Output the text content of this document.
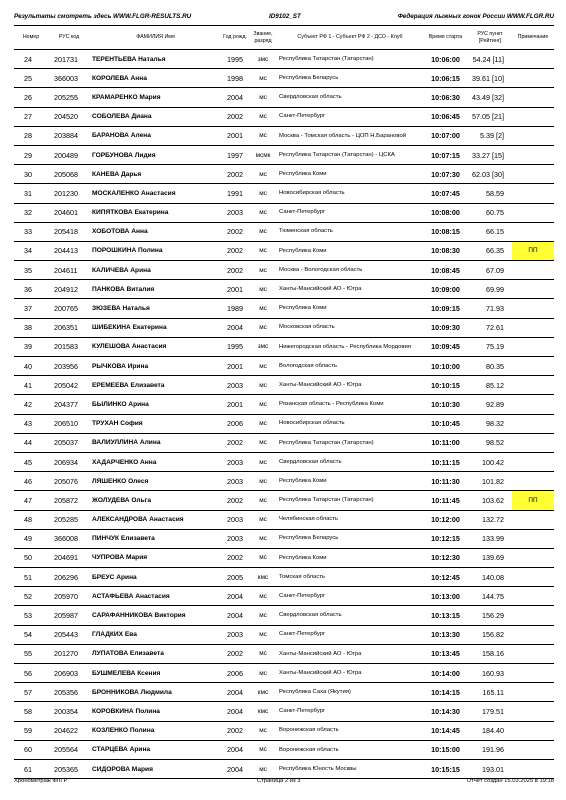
Результаты смотреть здесь WWW.FLGR-RESULTS.RU	ID9102_ST	Федерация лыжных гонок России WWW.FLGR.RU
Номер	РУС код	ФАМИЛИЯ Имя	Год рожд.	Звание, разряд	Субъект РФ 1 - Субъект РФ 2 - ДСО - Клуб	Время старта	РУС пункт [Рейтинг]	Примечание
24	201731	ТЕРЕНТЬЕВА Наталья	1995	змс	Республика Татарстан (Татарстан)	10:06:00	54.24 [11]	
25	366003	КОРОЛЕВА Анна	1998	мс	Республика Беларусь	10:06:15	39.61 [10]	
26	205255	КРАМАРЕНКО Мария	2004	мс	Свердловская область	10:06:30	43.49 [32]	
27	204520	СОБОЛЕВА Диана	2002	мс	Санкт-Петербург	10:06:45	57.05 [21]	
28	203884	БАРАНОВА Алена	2001	мс	Москва - Томская область - ЦОП Н.Барановой	10:07:00	5.39 [2]	
29	200489	ГОРБУНОВА Лидия	1997	мсмк	Республика Татарстан (Татарстан) - ЦСКА	10:07:15	33.27 [15]	
30	205068	КАНЕВА Дарья	2002	мс	Республика Коми	10:07:30	62.03 [30]	
31	201230	МОСКАЛЕНКО Анастасия	1991	мс	Новосибирская область	10:07:45	58.59	
32	204601	КИПЯТКОВА Екатерина	2003	мс	Санкт-Петербург	10:08:00	60.75	
33	205418	ХОБОТОВА Анна	2002	мс	Тюменская область	10:08:15	66.15	
34	204413	ПОРОШКИНА Полина	2002	мс	Республика Коми	10:08:30	66.35	ПП
35	204611	КАЛИЧЕВА Арина	2002	мс	Москва - Вологодская область	10:08:45	67.09	
36	204912	ПАНКОВА Виталия	2001	мс	Ханты-Мансийский АО - Югра	10:09:00	69.99	
37	200765	ЗЮЗЕВА Наталья	1989	мс	Республика Коми	10:09:15	71.93	
38	206351	ШИБЕКИНА Екатерина	2004	мс	Московская область	10:09:30	72.61	
39	201583	КУЛЕШОВА Анастасия	1995	змс	Нижегородская область - Республика Мордовия	10:09:45	75.19	
40	203956	РЫЧКОВА Ирина	2001	мс	Вологодская область	10:10:00	80.35	
41	205042	ЕРЕМЕЕВА Елизавета	2003	мс	Ханты-Мансийский АО - Югра	10:10:15	85.12	
42	204377	БЫЛИНКО Арина	2001	мс	Рязанская область - Республика Коми	10:10:30	92.89	
43	206510	ТРУХАН София	2006	мс	Новосибирская область	10:10:45	98.32	
44	205037	ВАЛИУЛЛИНА Алина	2002	мс	Республика Татарстан (Татарстан)	10:11:00	98.52	
45	206934	ХАДАРЧЕНКО Анна	2003	мс	Свердловская область	10:11:15	100.42	
46	205076	ЛЯШЕНКО Олеся	2003	мс	Республика Коми	10:11:30	101.82	
47	205872	ЖОЛУДЕВА Ольга	2002	мс	Республика Татарстан (Татарстан)	10:11:45	103.62	ПП
48	205285	АЛЕКСАНДРОВА Анастасия	2003	мс	Челябинская область	10:12:00	132.72	
49	366008	ПИНЧУК Елизавета	2003	мс	Республика Беларусь	10:12:15	133.99	
50	204691	ЧУПРОВА Мария	2002	мс	Республика Коми	10:12:30	139.69	
51	206296	БРЕУС Арина	2005	кмс	Томская область	10:12:45	140.08	
52	205970	АСТАФЬЕВА Анастасия	2004	мс	Санкт-Петербург	10:13:00	144.75	
53	205987	САРАФАННИКОВА Виктория	2004	мс	Свердловская область	10:13:15	156.29	
54	205443	ГЛАДКИХ Ева	2003	мс	Санкт-Петербург	10:13:30	156.82	
55	201270	ЛУПАТОВА Елизавета	2002	мс	Ханты-Мансийский АО - Югра	10:13:45	158.16	
56	206903	БУШМЕЛЕВА Ксения	2006	мс	Ханты-Мансийский АО - Югра	10:14:00	160.93	
57	205356	БРОННИКОВА Людмила	2004	кмс	Республика Саха (Якутия)	10:14:15	165.11	
58	200354	КОРОВКИНА Полина	2004	кмс	Санкт-Петербург	10:14:30	179.51	
59	204622	КОЗЛЕНКО Полина	2002	мс	Воронежская область	10:14:45	184.40	
60	205564	СТАРЦЕВА Арина	2004	мс	Воронежская область	10:15:00	191.96	
61	205365	СИДОРОВА Мария	2004	мс	Республика Юность Москвы	10:15:15	193.01	
Хронометраж ФЛГР	Страница 2 из 3	Отчет создан 15.03.2025 в 19:18
